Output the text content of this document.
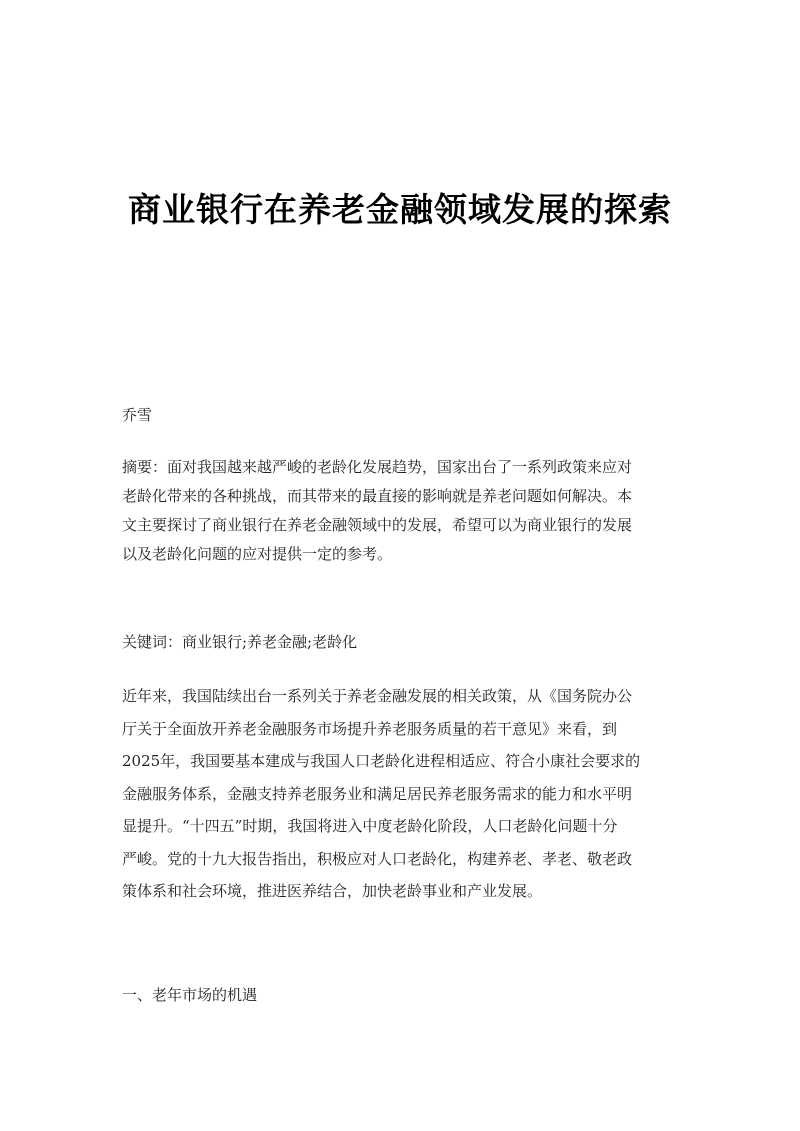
商业银行在养老金融领域发展的探索
乔雪
摘要：面对我国越来越严峻的老龄化发展趋势，国家出台了一系列政策来应对
老龄化带来的各种挑战，而其带来的最直接的影响就是养老问题如何解决。本
文主要探讨了商业银行在养老金融领域中的发展，希望可以为商业银行的发展
以及老龄化问题的应对提供一定的参考。
关键词：商业银行;养老金融;老龄化
近年来，我国陆续出台一系列关于养老金融发展的相关政策，从《国务院办公
厅关于全面放开养老金融服务市场提升养老服务质量的若干意见》来看，到
2025年，我国要基本建成与我国人口老龄化进程相适应、符合小康社会要求的
金融服务体系，金融支持养老服务业和满足居民养老服务需求的能力和水平明
显提升。“十四五”时期，我国将进入中度老龄化阶段，人口老龄化问题十分
严峻。党的十九大报告指出，积极应对人口老龄化，构建养老、孝老、敬老政
策体系和社会环境，推进医养结合，加快老龄事业和产业发展。
一、老年市场的机遇
